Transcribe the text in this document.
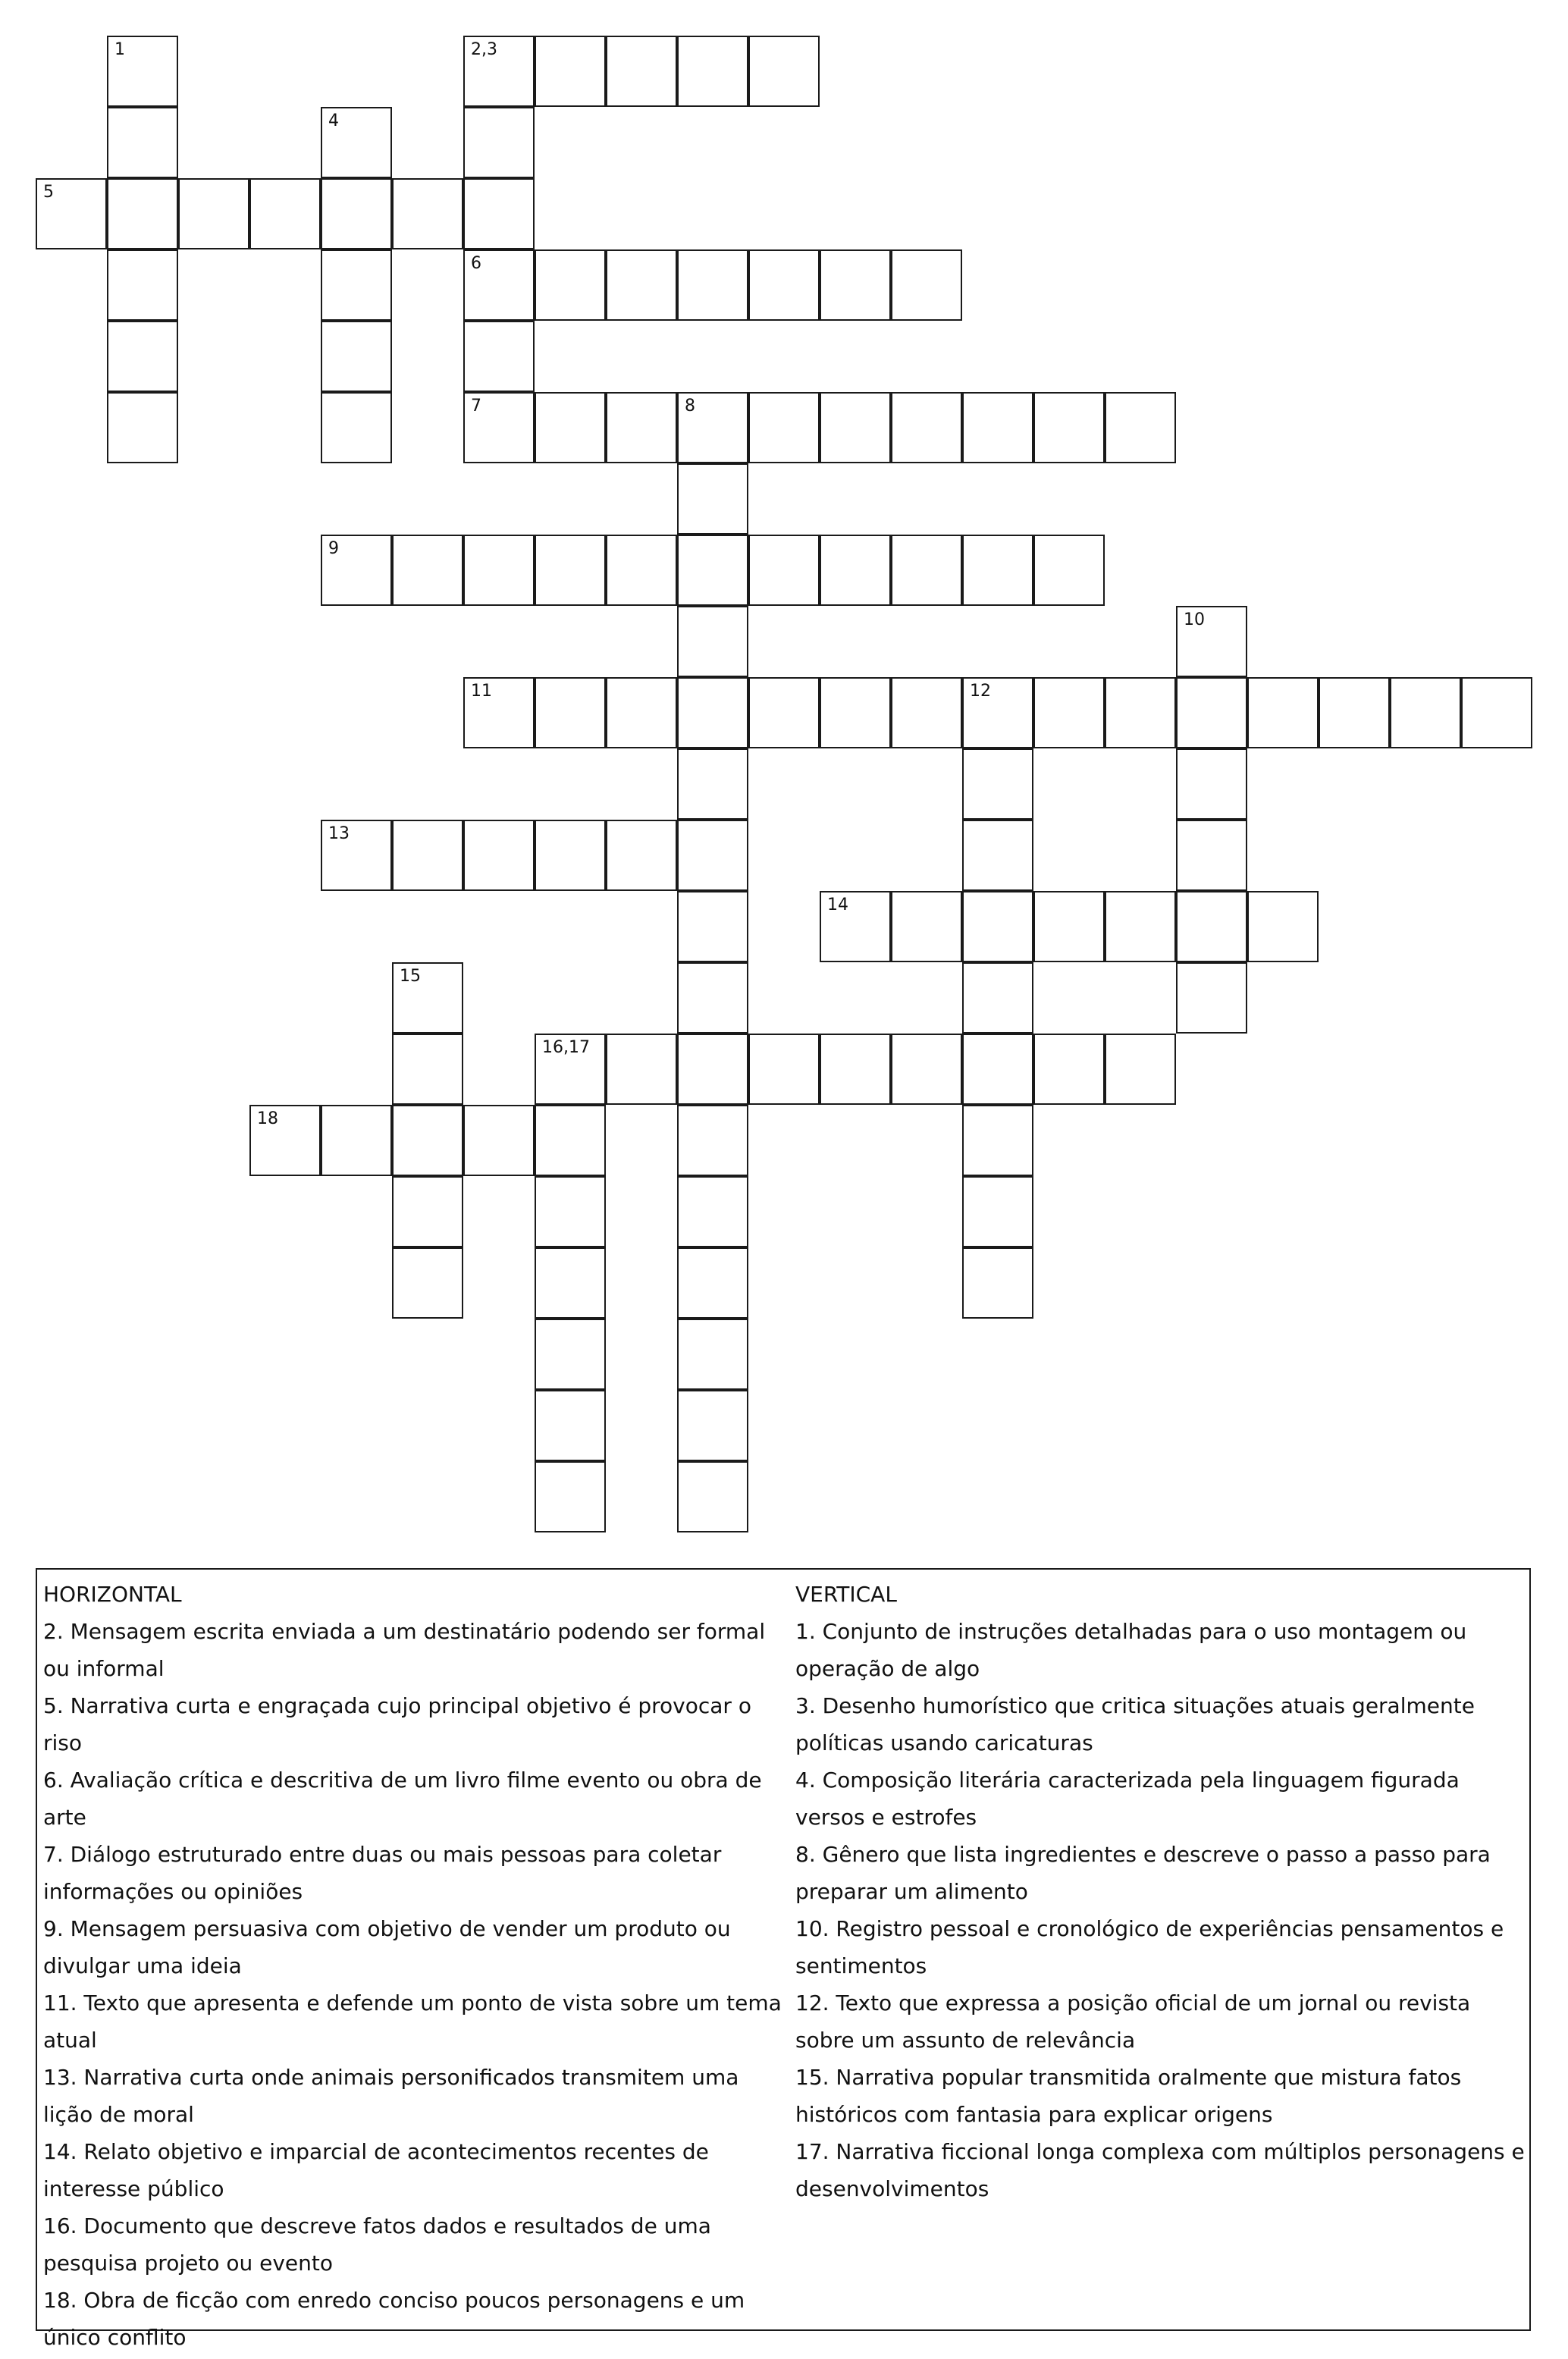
2,3
5
6
7	8
9
11	12
13
14
16,17
18
1
4
10
15

HORIZONTAL

2. Mensagem escrita enviada a um destinatário podendo ser formal ou informal

5. Narrativa curta e engraçada cujo principal objetivo é provocar o riso

6. Avaliação crítica e descritiva de um livro filme evento ou obra de arte

7. Diálogo estruturado entre duas ou mais pessoas para coletar informações ou opiniões

9. Mensagem persuasiva com objetivo de vender um produto ou divulgar uma ideia

11. Texto que apresenta e defende um ponto de vista sobre um tema atual

13. Narrativa curta onde animais personificados transmitem uma lição de moral

14. Relato objetivo e imparcial de acontecimentos recentes de interesse público

16. Documento que descreve fatos dados e resultados de uma pesquisa projeto ou evento

18. Obra de ficção com enredo conciso poucos personagens e um único conflito

VERTICAL

1. Conjunto de instruções detalhadas para o uso montagem ou operação de algo

3. Desenho humorístico que critica situações atuais geralmente políticas usando caricaturas

4. Composição literária caracterizada pela linguagem figurada versos e estrofes

8. Gênero que lista ingredientes e descreve o passo a passo para preparar um alimento

10. Registro pessoal e cronológico de experiências pensamentos e sentimentos

12. Texto que expressa a posição oficial de um jornal ou revista sobre um assunto de relevância

15. Narrativa popular transmitida oralmente que mistura fatos históricos com fantasia para explicar origens

17. Narrativa ficcional longa complexa com múltiplos personagens e desenvolvimentos
